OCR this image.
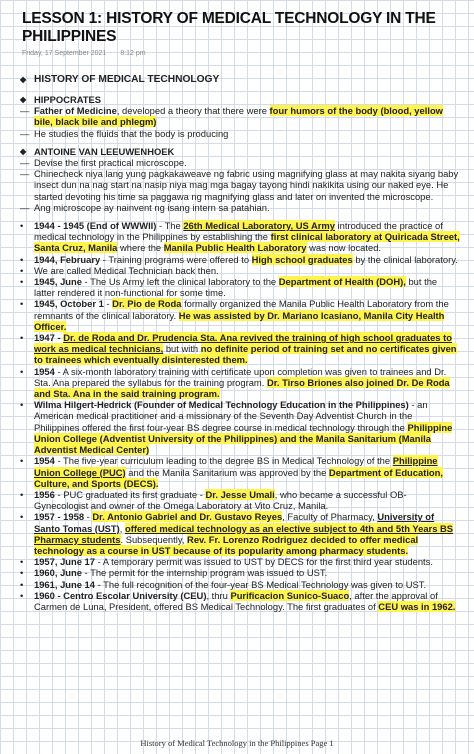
LESSON 1: HISTORY OF MEDICAL TECHNOLOGY IN THE PHILIPPINES
Friday, 17 September 2021 8:12 pm
◆ HISTORY OF MEDICAL TECHNOLOGY
◆ HIPPOCRATES
— Father of Medicine, developed a theory that there were four humors of the body (blood, yellow bile, black bile and phlegm)
— He studies the fluids that the body is producing
◆ ANTOINE VAN LEEUWENHOEK
— Devise the first practical microscope.
— Chinecheck niya lang yung pagkakaweave ng fabric using magnifying glass at may nakita siyang baby insect dun na nag start na nasip niya mag mga bagay tayong hindi nakikita using our naked eye. He started devoting his time sa paggawa ng magnifying glass and later on invented the microscope.
— Ang microscope ay nainvent ng isang intern sa patahian.
•	1944 - 1945 (End of WWWII) - The 26th Medical Laboratory, US Army introduced the practice of medical technology in the Philippines by establishing the first clinical laboratory at Quiricada Street, Santa Cruz, Manila where the Manila Public Health Laboratory was now located.
•	1944, February - Training programs were offered to High school graduates by the clinical laboratory.
•	We are called Medical Technician back then.
•	1945, June - The Us Army left the clinical laboratory to the Department of Health (DOH), but the latter rendered it non-functional for some time.
•	1945, October 1 - Dr. Pio de Roda formally organized the Manila Public Health Laboratory from the remnants of the clinical laboratory. He was assisted by Dr. Mariano Icasiano, Manila City Health Officer.
•	1947 - Dr. de Roda and Dr. Prudencia Sta. Ana revived the training of high school graduates to work as medical technicians, but with no definite period of training set and no certificates given to trainees which eventually disinterested them.
•	1954 - A six-month laboratory training with certificate upon completion was given to trainees and Dr. Sta. Ana prepared the syllabus for the training program. Dr. Tirso Briones also joined Dr. De Roda and Sta. Ana in the said training program.
•	Wilma Hilgert-Hedrick (Founder of Medical Technology Education in the Philippines) - an American medical practitioner and a missionary of the Seventh Day Adventist Church in the Philippines offered the first four-year BS degree course in medical technology through the Philippine Union College (Adventist University of the Philippines) and the Manila Sanitarium (Manila Adventist Medical Center)
•	1954 - The five-year curriculum leading to the degree BS in Medical Technology of the Philippine Union College (PUC) and the Manila Sanitarium was approved by the Department of Education, Culture, and Sports (DECS).
•	1956 - PUC graduated its first graduate - Dr. Jesse Umali, who became a successful OB-Gynecologist and owner of the Omega Laboratory at Vito Cruz, Manila.
•	1957 - 1958 - Dr. Antonio Gabriel and Dr. Gustavo Reyes, Faculty of Pharmacy, University of Santo Tomas (UST), offered medical technology as an elective subject to 4th and 5th Years BS Pharmacy students. Subsequently, Rev. Fr. Lorenzo Rodriguez decided to offer medical technology as a course in UST because of its popularity among pharmacy students.
•	1957, June 17 - A temporary permit was issued to UST by DECS for the first third year students.
•	1960, June - The permit for the internship program was issued to UST.
•	1961, June 14 - The full recognition of the four-year BS Medical Technology was given to UST.
•	1960 - Centro Escolar University (CEU), thru Purificacion Sunico-Suaco, after the approval of Carmen de Luna, President, offered BS Medical Technology. The first graduates of CEU was in 1962.
History of Medical Technology in the Philippines Page 1
